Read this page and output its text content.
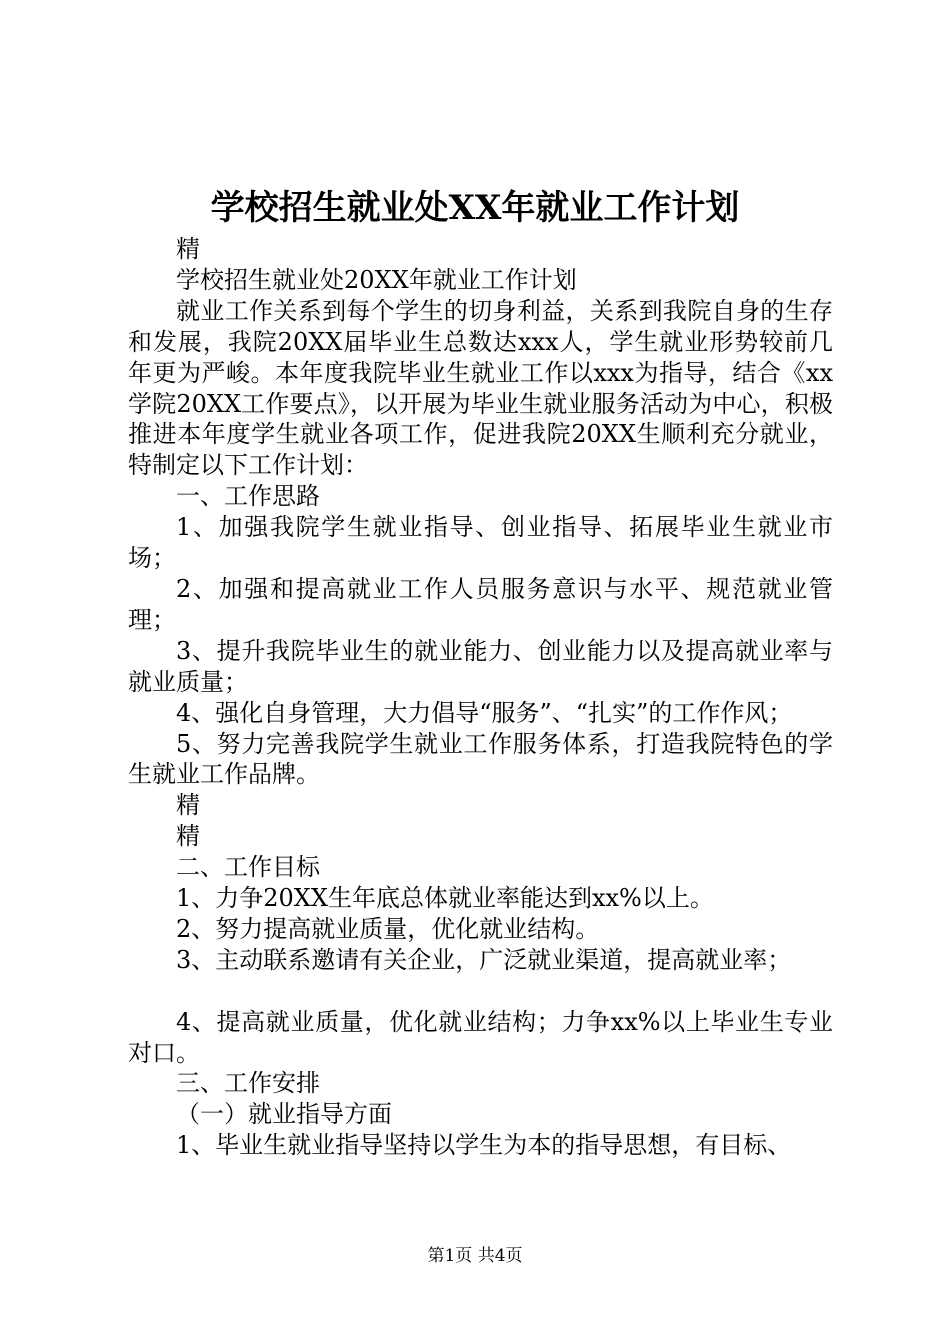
学校招生就业处XX年就业工作计划

精

学校招生就业处20XX年就业工作计划

就业工作关系到每个学生的切身利益，关系到我院自身的生存和发展，我院20XX届毕业生总数达xxx人，学生就业形势较前几年更为严峻。本年度我院毕业生就业工作以xxx为指导，结合《xx学院20XX工作要点》，以开展为毕业生就业服务活动为中心，积极推进本年度学生就业各项工作，促进我院20XX生顺利充分就业，特制定以下工作计划：

一、工作思路

1、加强我院学生就业指导、创业指导、拓展毕业生就业市场；

2、加强和提高就业工作人员服务意识与水平、规范就业管理；

3、提升我院毕业生的就业能力、创业能力以及提高就业率与就业质量；

4、强化自身管理，大力倡导“服务”、“扎实”的工作作风；

5、努力完善我院学生就业工作服务体系，打造我院特色的学生就业工作品牌。

精

精

二、工作目标

1、力争20XX生年底总体就业率能达到xx%以上。

2、努力提高就业质量，优化就业结构。

3、主动联系邀请有关企业，广泛就业渠道，提高就业率；

4、提高就业质量，优化就业结构；力争xx%以上毕业生专业对口。

三、工作安排

（一）就业指导方面

1、毕业生就业指导坚持以学生为本的指导思想，有目标、

第1页 共4页
